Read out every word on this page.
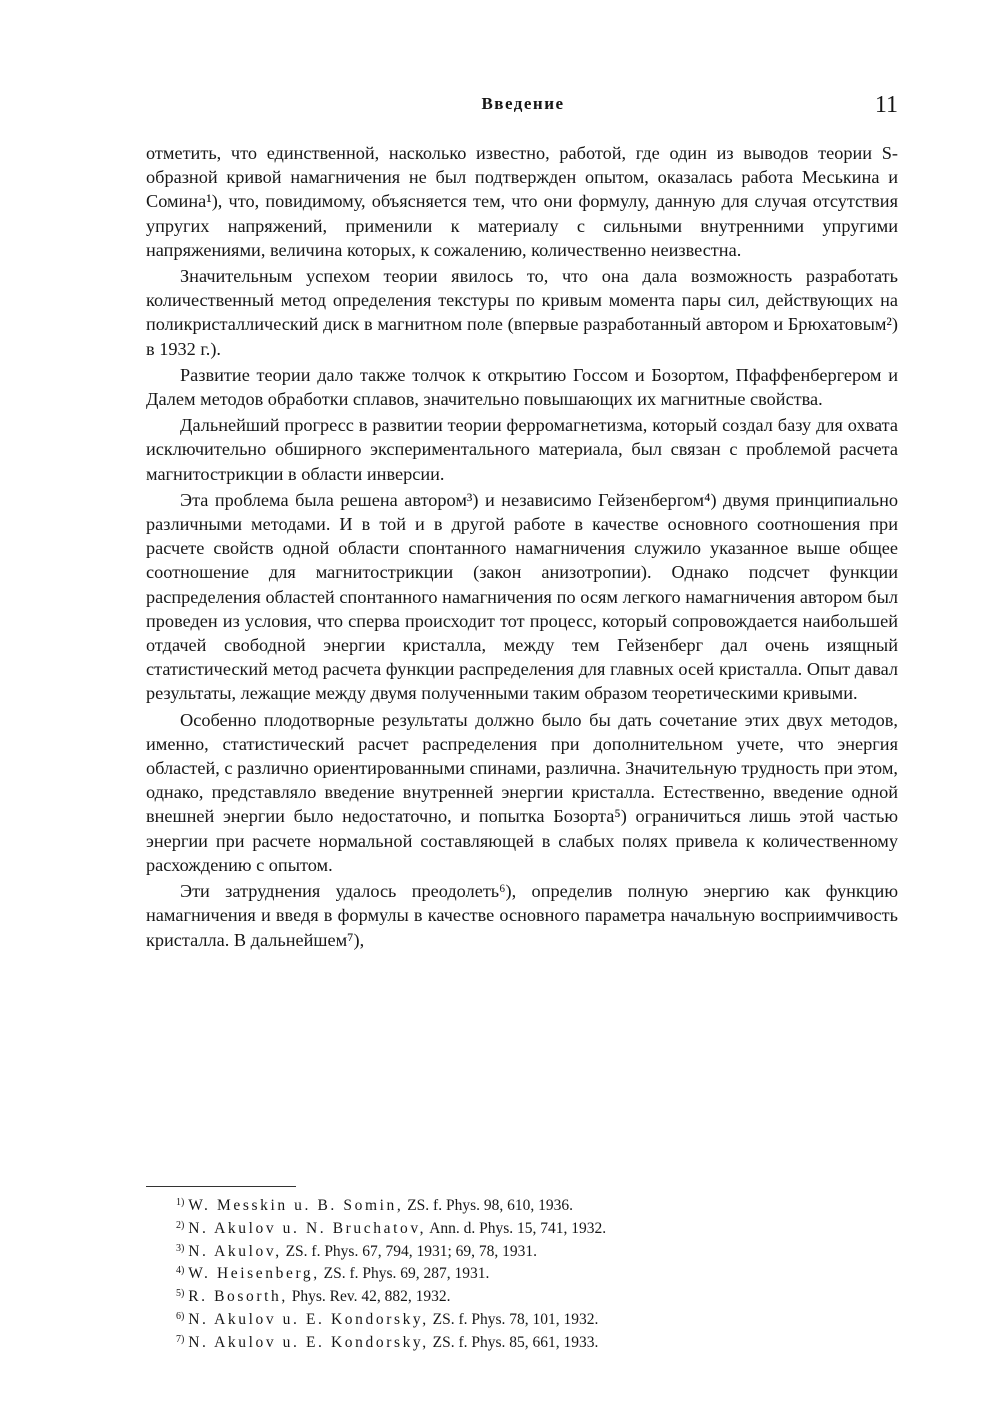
Введение	11

отметить, что единственной, насколько известно, работой, где один из выводов теории S-образной кривой намагничения не был подтвержден опытом, оказалась работа Меськина и Сомина¹), что, повидимому, объясняется тем, что они формулу, данную для случая отсутствия упругих напряжений, применили к материалу с сильными внутренними упругими напряжениями, величина которых, к сожалению, количественно неизвестна.

Значительным успехом теории явилось то, что она дала возможность разработать количественный метод определения текстуры по кривым момента пары сил, действующих на поликристаллический диск в магнитном поле (впервые разработанный автором и Брюхатовым²) в 1932 г.).

Развитие теории дало также толчок к открытию Госсом и Бозортом, Пфаффенбергером и Далем методов обработки сплавов, значительно повышающих их магнитные свойства.

Дальнейший прогресс в развитии теории ферромагнетизма, который создал базу для охвата исключительно обширного экспериментального материала, был связан с проблемой расчета магнитострикции в области инверсии.

Эта проблема была решена автором³) и независимо Гейзенбергом⁴) двумя принципиально различными методами. И в той и в другой работе в качестве основного соотношения при расчете свойств одной области спонтанного намагничения служило указанное выше общее соотношение для магнитострикции (закон анизотропии). Однако подсчет функции распределения областей спонтанного намагничения по осям легкого намагничения автором был проведен из условия, что сперва происходит тот процесс, который сопровождается наибольшей отдачей свободной энергии кристалла, между тем Гейзенберг дал очень изящный статистический метод расчета функции распределения для главных осей кристалла. Опыт давал результаты, лежащие между двумя полученными таким образом теоретическими кривыми.

Особенно плодотворные результаты должно было бы дать сочетание этих двух методов, именно, статистический расчет распределения при дополнительном учете, что энергия областей, с различно ориентированными спинами, различна. Значительную трудность при этом, однако, представляло введение внутренней энергии кристалла. Естественно, введение одной внешней энергии было недостаточно, и попытка Бозорта⁵) ограничиться лишь этой частью энергии при расчете нормальной составляющей в слабых полях привела к количественному расхождению с опытом.

Эти затруднения удалось преодолеть⁶), определив полную энергию как функцию намагничения и введя в формулы в качестве основного параметра начальную восприимчивость кристалла. В дальнейшем⁷),

$^{1)}$ W. Messkin u. B. Somin, ZS. f. Phys. 98, 610, 1936.
$^{2)}$ N. Akulov u. N. Bruchatov, Ann. d. Phys. 15, 741, 1932.
$^{3)}$ N. Akulov, ZS. f. Phys. 67, 794, 1931; 69, 78, 1931.
$^{4)}$ W. Heisenberg, ZS. f. Phys. 69, 287, 1931.
$^{5)}$ R. Bosorth, Phys. Rev. 42, 882, 1932.
$^{6)}$ N. Akulov u. E. Kondorsky, ZS. f. Phys. 78, 101, 1932.
$^{7)}$ N. Akulov u. E. Kondorsky, ZS. f. Phys. 85, 661, 1933.
